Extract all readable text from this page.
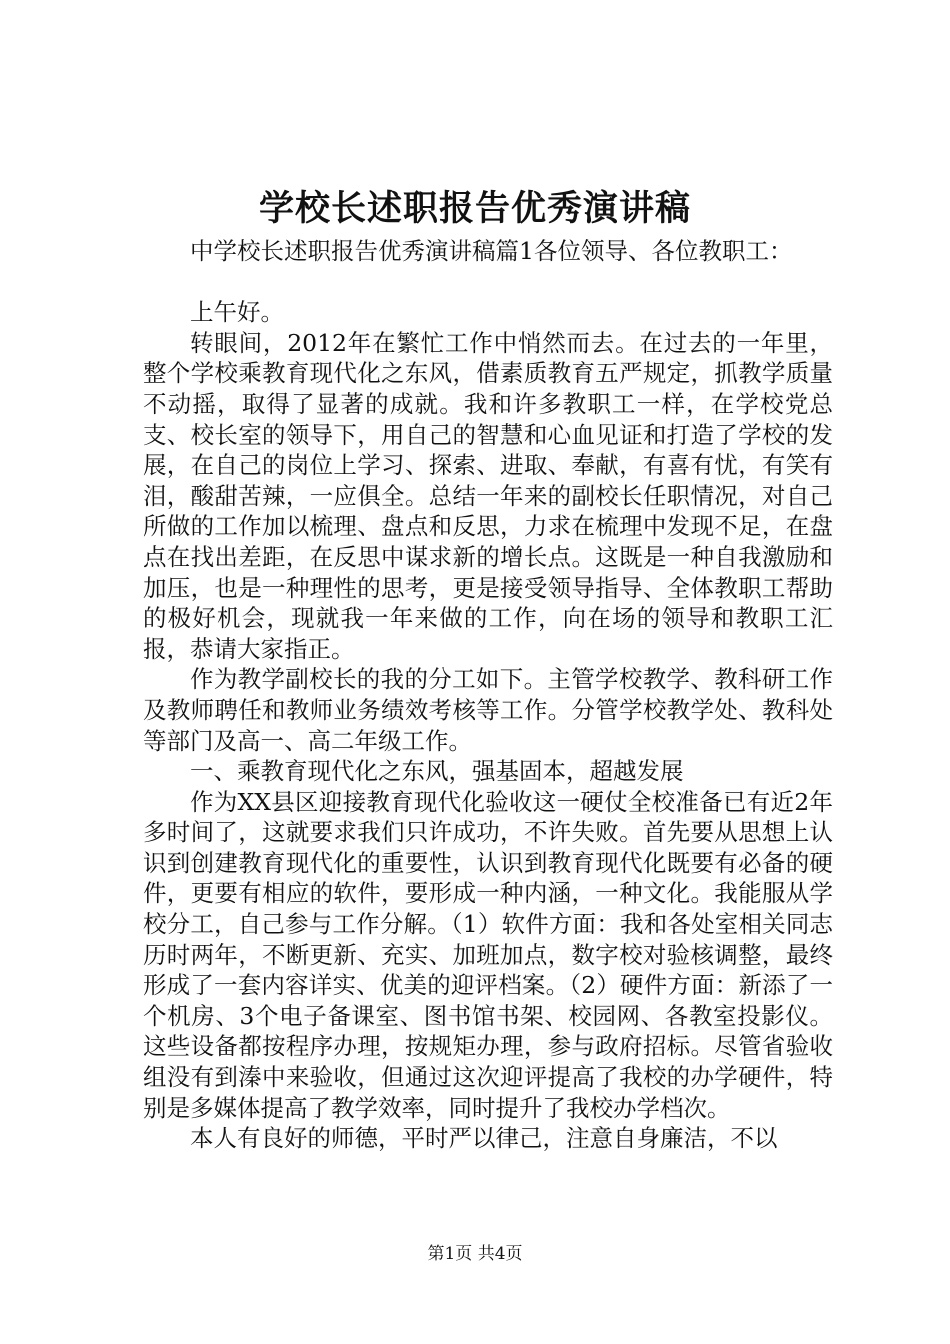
学校长述职报告优秀演讲稿

中学校长述职报告优秀演讲稿篇1各位领导、各位教职工：

上午好。

转眼间，2012年在繁忙工作中悄然而去。在过去的一年里，整个学校乘教育现代化之东风，借素质教育五严规定，抓教学质量不动摇，取得了显著的成就。我和许多教职工一样，在学校党总支、校长室的领导下，用自己的智慧和心血见证和打造了学校的发展，在自己的岗位上学习、探索、进取、奉献，有喜有忧，有笑有泪，酸甜苦辣，一应俱全。总结一年来的副校长任职情况，对自己所做的工作加以梳理、盘点和反思，力求在梳理中发现不足，在盘点在找出差距，在反思中谋求新的增长点。这既是一种自我激励和加压，也是一种理性的思考，更是接受领导指导、全体教职工帮助的极好机会，现就我一年来做的工作，向在场的领导和教职工汇报，恭请大家指正。

作为教学副校长的我的分工如下。主管学校教学、教科研工作及教师聘任和教师业务绩效考核等工作。分管学校教学处、教科处等部门及高一、高二年级工作。

一、乘教育现代化之东风，强基固本，超越发展

作为XX县区迎接教育现代化验收这一硬仗全校准备已有近2年多时间了，这就要求我们只许成功，不许失败。首先要从思想上认识到创建教育现代化的重要性，认识到教育现代化既要有必备的硬件，更要有相应的软件，要形成一种内涵，一种文化。我能服从学校分工，自己参与工作分解。（1）软件方面：我和各处室相关同志历时两年，不断更新、充实、加班加点，数字校对验核调整，最终形成了一套内容详实、优美的迎评档案。（2）硬件方面：新添了一个机房、3个电子备课室、图书馆书架、校园网、各教室投影仪。这些设备都按程序办理，按规矩办理，参与政府招标。尽管省验收组没有到溱中来验收，但通过这次迎评提高了我校的办学硬件，特别是多媒体提高了教学效率，同时提升了我校办学档次。

本人有良好的师德，平时严以律己，注意自身廉洁，不以

第1页 共4页
